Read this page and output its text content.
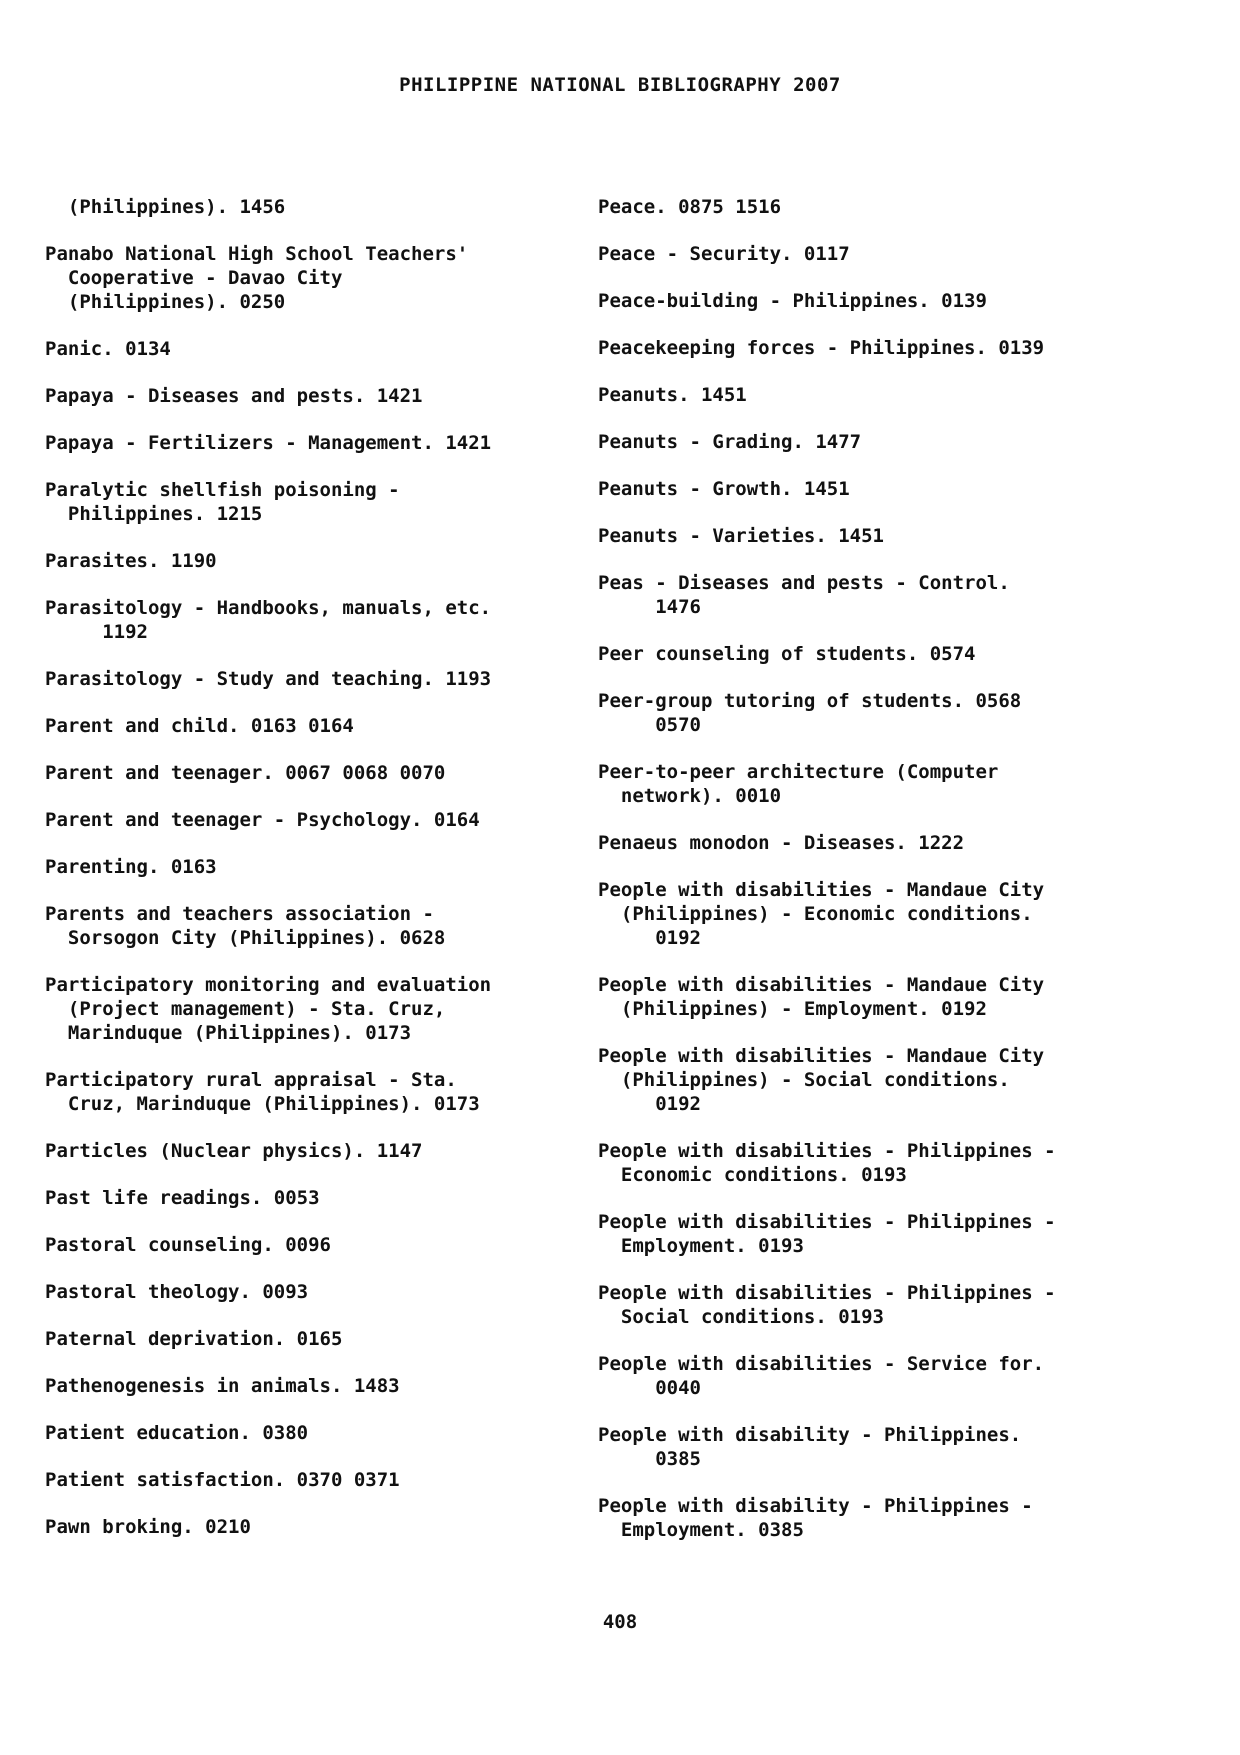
PHILIPPINE NATIONAL BIBLIOGRAPHY 2007
(Philippines). 1456
Panabo National High School Teachers'
Cooperative - Davao City
(Philippines). 0250
Panic. 0134
Papaya - Diseases and pests. 1421
Papaya - Fertilizers - Management. 1421
Paralytic shellfish poisoning -
Philippines. 1215
Parasites. 1190
Parasitology - Handbooks, manuals, etc.
1192
Parasitology - Study and teaching. 1193
Parent and child. 0163 0164
Parent and teenager. 0067 0068 0070
Parent and teenager - Psychology. 0164
Parenting. 0163
Parents and teachers association -
Sorsogon City (Philippines). 0628
Participatory monitoring and evaluation
(Project management) - Sta. Cruz,
Marinduque (Philippines). 0173
Participatory rural appraisal - Sta.
Cruz, Marinduque (Philippines). 0173
Particles (Nuclear physics). 1147
Past life readings. 0053
Pastoral counseling. 0096
Pastoral theology. 0093
Paternal deprivation. 0165
Pathenogenesis in animals. 1483
Patient education. 0380
Patient satisfaction. 0370 0371
Pawn broking. 0210
Peace. 0875 1516
Peace - Security. 0117
Peace-building - Philippines. 0139
Peacekeeping forces - Philippines. 0139
Peanuts. 1451
Peanuts - Grading. 1477
Peanuts - Growth. 1451
Peanuts - Varieties. 1451
Peas - Diseases and pests - Control.
1476
Peer counseling of students. 0574
Peer-group tutoring of students. 0568
0570
Peer-to-peer architecture (Computer
network). 0010
Penaeus monodon - Diseases. 1222
People with disabilities - Mandaue City
(Philippines) - Economic conditions.
0192
People with disabilities - Mandaue City
(Philippines) - Employment. 0192
People with disabilities - Mandaue City
(Philippines) - Social conditions.
0192
People with disabilities - Philippines -
Economic conditions. 0193
People with disabilities - Philippines -
Employment. 0193
People with disabilities - Philippines -
Social conditions. 0193
People with disabilities - Service for.
0040
People with disability - Philippines.
0385
People with disability - Philippines -
Employment. 0385
408
